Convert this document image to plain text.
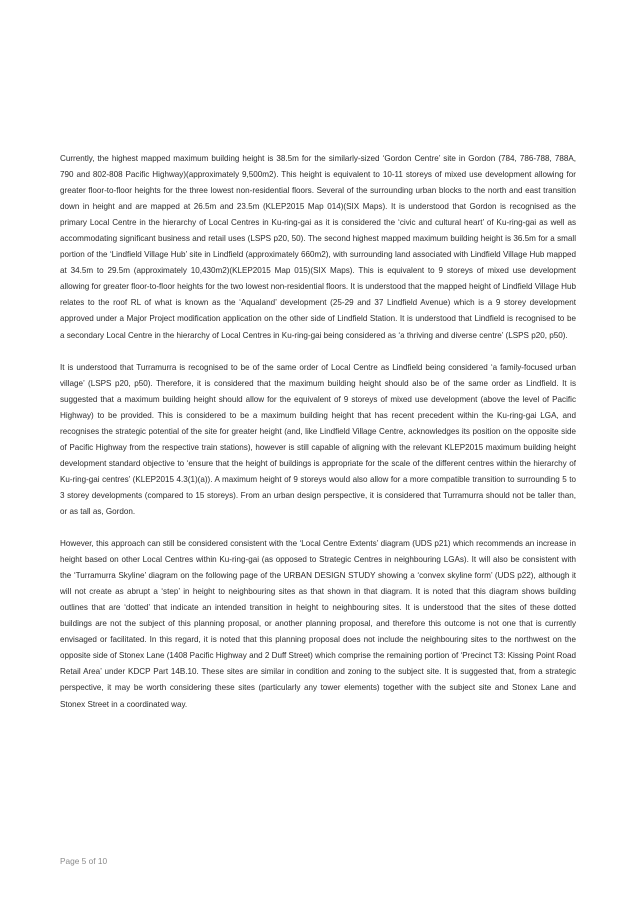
Currently, the highest mapped maximum building height is 38.5m for the similarly-sized ‘Gordon Centre’ site in Gordon (784, 786-788, 788A, 790 and 802-808 Pacific Highway)(approximately 9,500m2). This height is equivalent to 10-11 storeys of mixed use development allowing for greater floor-to-floor heights for the three lowest non-residential floors. Several of the surrounding urban blocks to the north and east transition down in height and are mapped at 26.5m and 23.5m (KLEP2015 Map 014)(SIX Maps). It is understood that Gordon is recognised as the primary Local Centre in the hierarchy of Local Centres in Ku-ring-gai as it is considered the ‘civic and cultural heart’ of Ku-ring-gai as well as accommodating significant business and retail uses (LSPS p20, 50). The second highest mapped maximum building height is 36.5m for a small portion of the ‘Lindfield Village Hub’ site in Lindfield (approximately 660m2), with surrounding land associated with Lindfield Village Hub mapped at 34.5m to 29.5m (approximately 10,430m2)(KLEP2015 Map 015)(SIX Maps). This is equivalent to 9 storeys of mixed use development allowing for greater floor-to-floor heights for the two lowest non-residential floors. It is understood that the mapped height of Lindfield Village Hub relates to the roof RL of what is known as the ‘Aqualand’ development (25-29 and 37 Lindfield Avenue) which is a 9 storey development approved under a Major Project modification application on the other side of Lindfield Station. It is understood that Lindfield is recognised to be a secondary Local Centre in the hierarchy of Local Centres in Ku-ring-gai being considered as ‘a thriving and diverse centre’ (LSPS p20, p50).

It is understood that Turramurra is recognised to be of the same order of Local Centre as Lindfield being considered ‘a family-focused urban village’ (LSPS p20, p50). Therefore, it is considered that the maximum building height should also be of the same order as Lindfield. It is suggested that a maximum building height should allow for the equivalent of 9 storeys of mixed use development (above the level of Pacific Highway) to be provided. This is considered to be a maximum building height that has recent precedent within the Ku-ring-gai LGA, and recognises the strategic potential of the site for greater height (and, like Lindfield Village Centre, acknowledges its position on the opposite side of Pacific Highway from the respective train stations), however is still capable of aligning with the relevant KLEP2015 maximum building height development standard objective to ‘ensure that the height of buildings is appropriate for the scale of the different centres within the hierarchy of Ku-ring-gai centres’ (KLEP2015 4.3(1)(a)). A maximum height of 9 storeys would also allow for a more compatible transition to surrounding 5 to 3 storey developments (compared to 15 storeys). From an urban design perspective, it is considered that Turramurra should not be taller than, or as tall as, Gordon.

However, this approach can still be considered consistent with the ‘Local Centre Extents’ diagram (UDS p21) which recommends an increase in height based on other Local Centres within Ku-ring-gai (as opposed to Strategic Centres in neighbouring LGAs). It will also be consistent with the ‘Turramurra Skyline’ diagram on the following page of the URBAN DESIGN STUDY showing a ‘convex skyline form’ (UDS p22), although it will not create as abrupt a ‘step’ in height to neighbouring sites as that shown in that diagram. It is noted that this diagram shows building outlines that are ‘dotted’ that indicate an intended transition in height to neighbouring sites. It is understood that the sites of these dotted buildings are not the subject of this planning proposal, or another planning proposal, and therefore this outcome is not one that is currently envisaged or facilitated. In this regard, it is noted that this planning proposal does not include the neighbouring sites to the northwest on the opposite side of Stonex Lane (1408 Pacific Highway and 2 Duff Street) which comprise the remaining portion of ‘Precinct T3: Kissing Point Road Retail Area’ under KDCP Part 14B.10. These sites are similar in condition and zoning to the subject site. It is suggested that, from a strategic perspective, it may be worth considering these sites (particularly any tower elements) together with the subject site and Stonex Lane and Stonex Street in a coordinated way.

Page 5 of 10
